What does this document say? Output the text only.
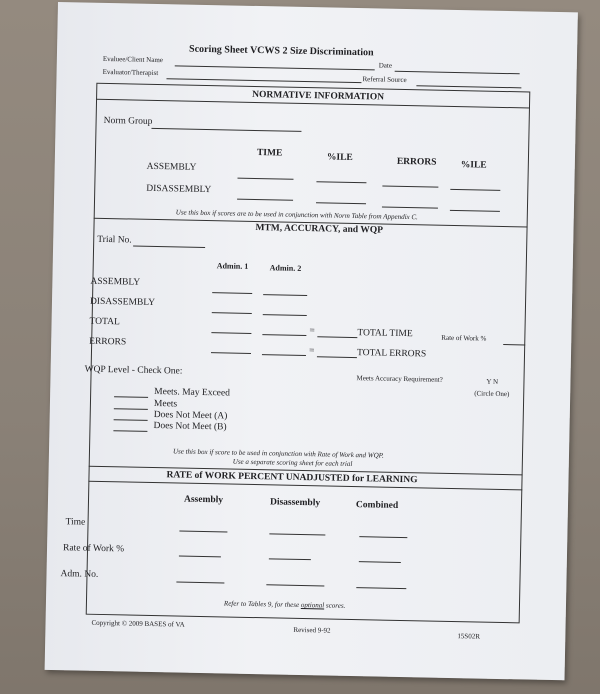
Scoring Sheet VCWS 2 Size Discrimination
Evaluee/Client Name
Date
Evaluator/Therapist
Referral Source
NORMATIVE INFORMATION
Norm Group
TIME	%ILE	ERRORS	%ILE
ASSEMBLY
DISASSEMBLY
Use this box if scores are to be used in conjunction with Norm Table from Appendix C.
MTM, ACCURACY, and WQP
Trial No.
Admin. 1	Admin. 2
ASSEMBLY
DISASSEMBLY
TOTAL
=	TOTAL TIME	Rate of Work %
ERRORS
=	TOTAL ERRORS
WQP Level - Check One:
Meets Accuracy Requirement?	Y N
(Circle One)
Meets. May Exceed
Meets
Does Not Meet (A)
Does Not Meet (B)
Use this box if score to be used in conjunction with Rate of Work and WQP.
Use a separate scoring sheet for each trial
RATE of WORK PERCENT UNADJUSTED for LEARNING
Assembly	Disassembly	Combined
Time
Rate of Work %
Adm. No.
Refer to Tables 9, for these optional scores.
Copyright © 2009 BASES of VA
Revised 9-92
15S02R
